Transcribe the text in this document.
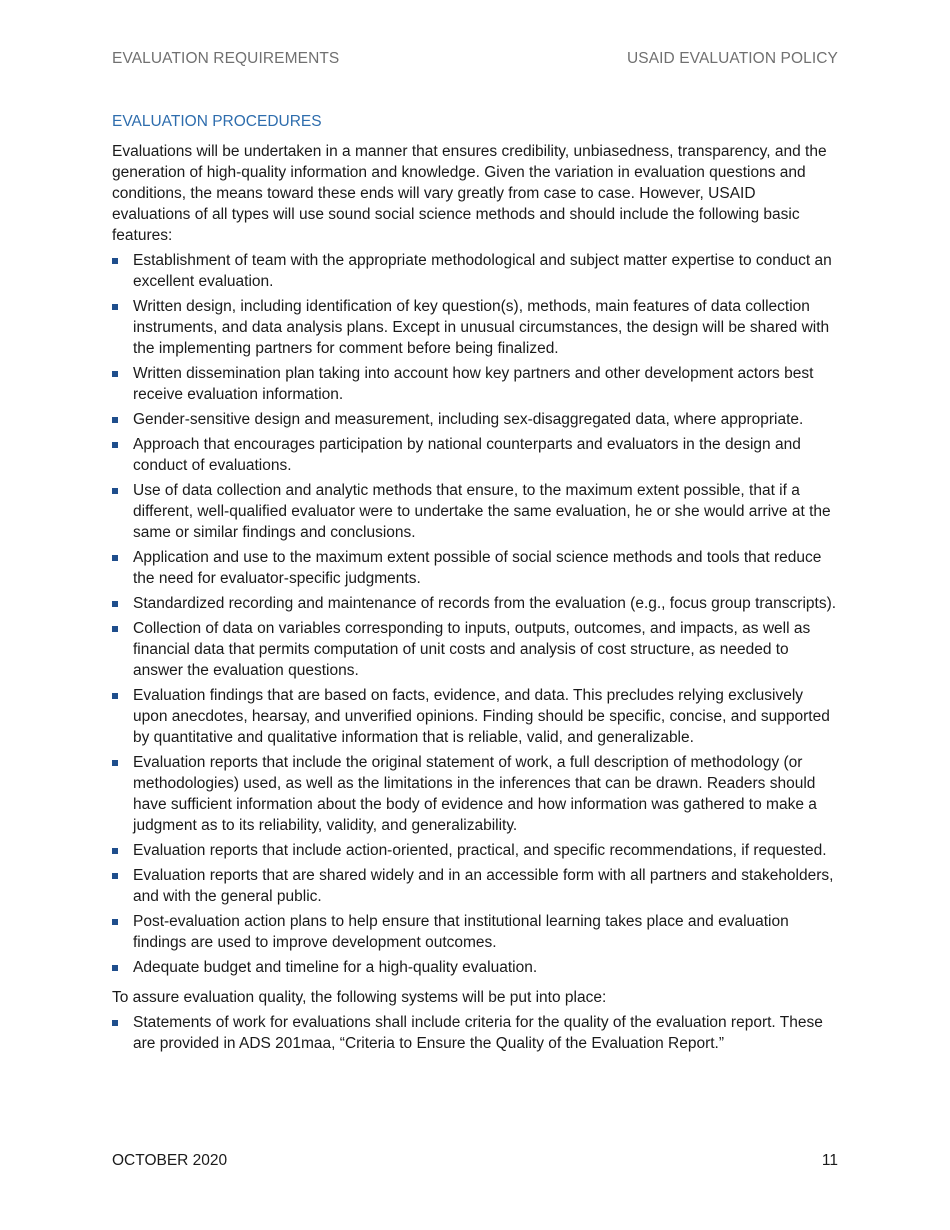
EVALUATION REQUIREMENTS	USAID EVALUATION POLICY
EVALUATION PROCEDURES

Evaluations will be undertaken in a manner that ensures credibility, unbiasedness, transparency, and the generation of high-quality information and knowledge. Given the variation in evaluation questions and conditions, the means toward these ends will vary greatly from case to case. However, USAID evaluations of all types will use sound social science methods and should include the following basic features:

Establishment of team with the appropriate methodological and subject matter expertise to conduct an excellent evaluation.
Written design, including identification of key question(s), methods, main features of data collection instruments, and data analysis plans. Except in unusual circumstances, the design will be shared with the implementing partners for comment before being finalized.
Written dissemination plan taking into account how key partners and other development actors best receive evaluation information.
Gender-sensitive design and measurement, including sex-disaggregated data, where appropriate.
Approach that encourages participation by national counterparts and evaluators in the design and conduct of evaluations.
Use of data collection and analytic methods that ensure, to the maximum extent possible, that if a different, well-qualified evaluator were to undertake the same evaluation, he or she would arrive at the same or similar findings and conclusions.
Application and use to the maximum extent possible of social science methods and tools that reduce the need for evaluator-specific judgments.
Standardized recording and maintenance of records from the evaluation (e.g., focus group transcripts).
Collection of data on variables corresponding to inputs, outputs, outcomes, and impacts, as well as financial data that permits computation of unit costs and analysis of cost structure, as needed to answer the evaluation questions.
Evaluation findings that are based on facts, evidence, and data. This precludes relying exclusively upon anecdotes, hearsay, and unverified opinions. Finding should be specific, concise, and supported by quantitative and qualitative information that is reliable, valid, and generalizable.
Evaluation reports that include the original statement of work, a full description of methodology (or methodologies) used, as well as the limitations in the inferences that can be drawn. Readers should have sufficient information about the body of evidence and how information was gathered to make a judgment as to its reliability, validity, and generalizability.
Evaluation reports that include action-oriented, practical, and specific recommendations, if requested.
Evaluation reports that are shared widely and in an accessible form with all partners and stakeholders, and with the general public.
Post-evaluation action plans to help ensure that institutional learning takes place and evaluation findings are used to improve development outcomes.
Adequate budget and timeline for a high-quality evaluation.

To assure evaluation quality, the following systems will be put into place:

Statements of work for evaluations shall include criteria for the quality of the evaluation report. These are provided in ADS 201maa, “Criteria to Ensure the Quality of the Evaluation Report.”
OCTOBER 2020	11
